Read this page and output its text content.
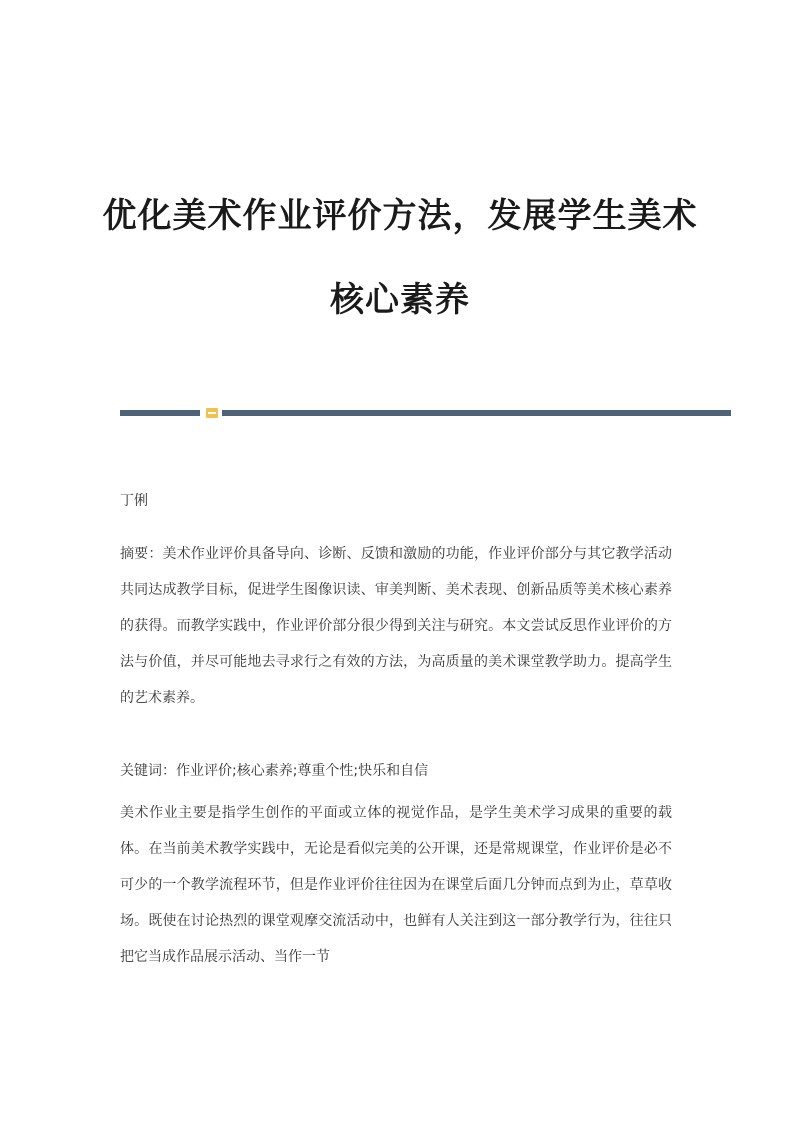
优化美术作业评价方法，发展学生美术
核心素养
丁俐

摘要：美术作业评价具备导向、诊断、反馈和激励的功能，作业评价部分与其它教学活动共同达成教学目标，促进学生图像识读、审美判断、美术表现、创新品质等美术核心素养的获得。而教学实践中，作业评价部分很少得到关注与研究。本文尝试反思作业评价的方法与价值，并尽可能地去寻求行之有效的方法，为高质量的美术课堂教学助力。提高学生的艺术素养。

关键词：作业评价;核心素养;尊重个性;快乐和自信

美术作业主要是指学生创作的平面或立体的视觉作品，是学生美术学习成果的重要的载体。在当前美术教学实践中，无论是看似完美的公开课，还是常规课堂，作业评价是必不可少的一个教学流程环节，但是作业评价往往因为在课堂后面几分钟而点到为止，草草收场。既使在讨论热烈的课堂观摩交流活动中，也鲜有人关注到这一部分教学行为，往往只把它当成作品展示活动、当作一节
